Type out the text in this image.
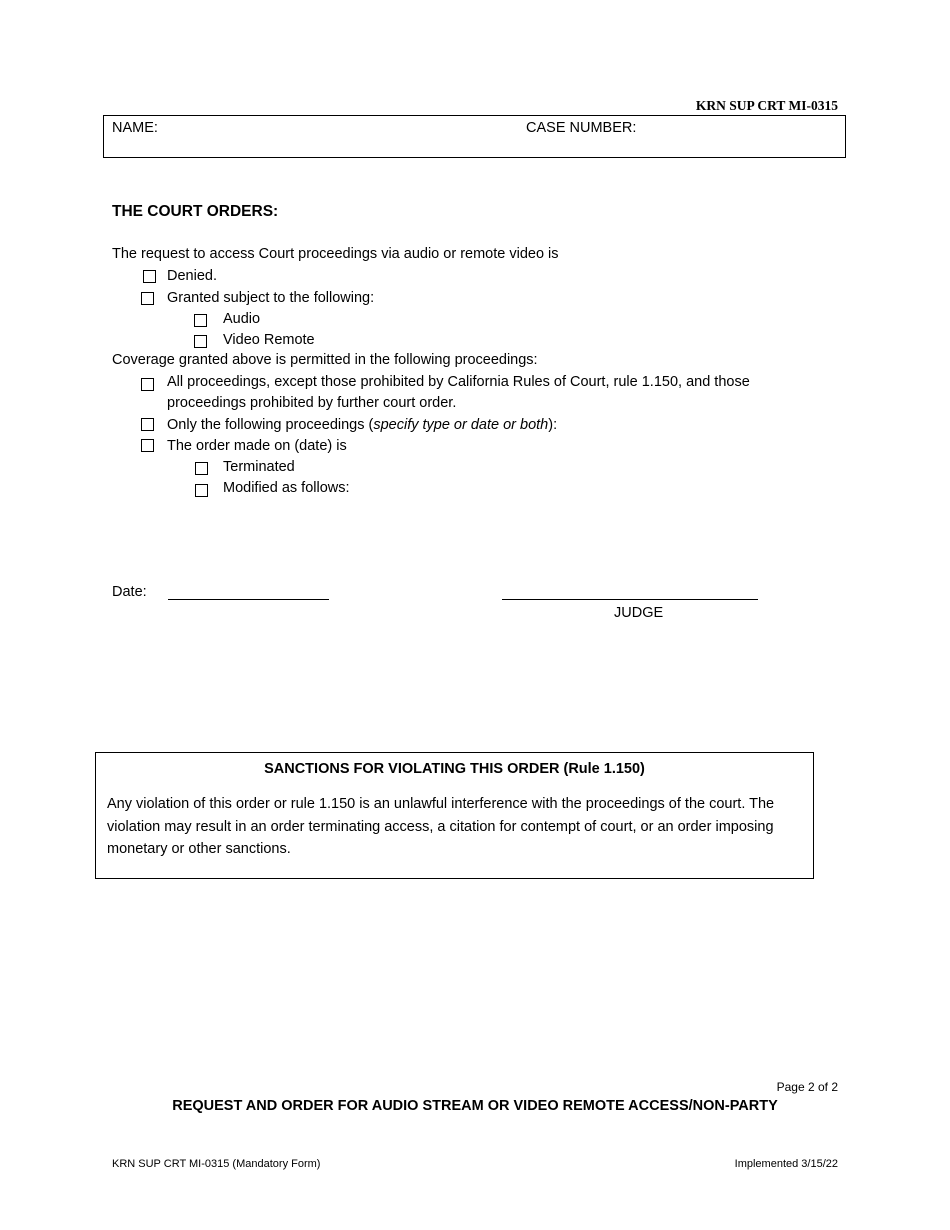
KRN SUP CRT MI-0315
NAME:	CASE NUMBER:
THE COURT ORDERS:
The request to access Court proceedings via audio or remote video is
Denied.
Granted subject to the following:
Audio
Video Remote
Coverage granted above is permitted in the following proceedings:
All proceedings, except those prohibited by California Rules of Court, rule 1.150, and those
proceedings prohibited by further court order.
Only the following proceedings (specify type or date or both):
The order made on (date) is
Terminated
Modified as follows:
Date:
JUDGE
SANCTIONS FOR VIOLATING THIS ORDER (Rule 1.150)
Any violation of this order or rule 1.150 is an unlawful interference with the proceedings of the court. The violation may result in an order terminating access, a citation for contempt of court, or an order imposing monetary or other sanctions.
Page 2 of 2
REQUEST AND ORDER FOR AUDIO STREAM OR VIDEO REMOTE ACCESS/NON-PARTY
KRN SUP CRT MI-0315 (Mandatory Form)	Implemented 3/15/22
